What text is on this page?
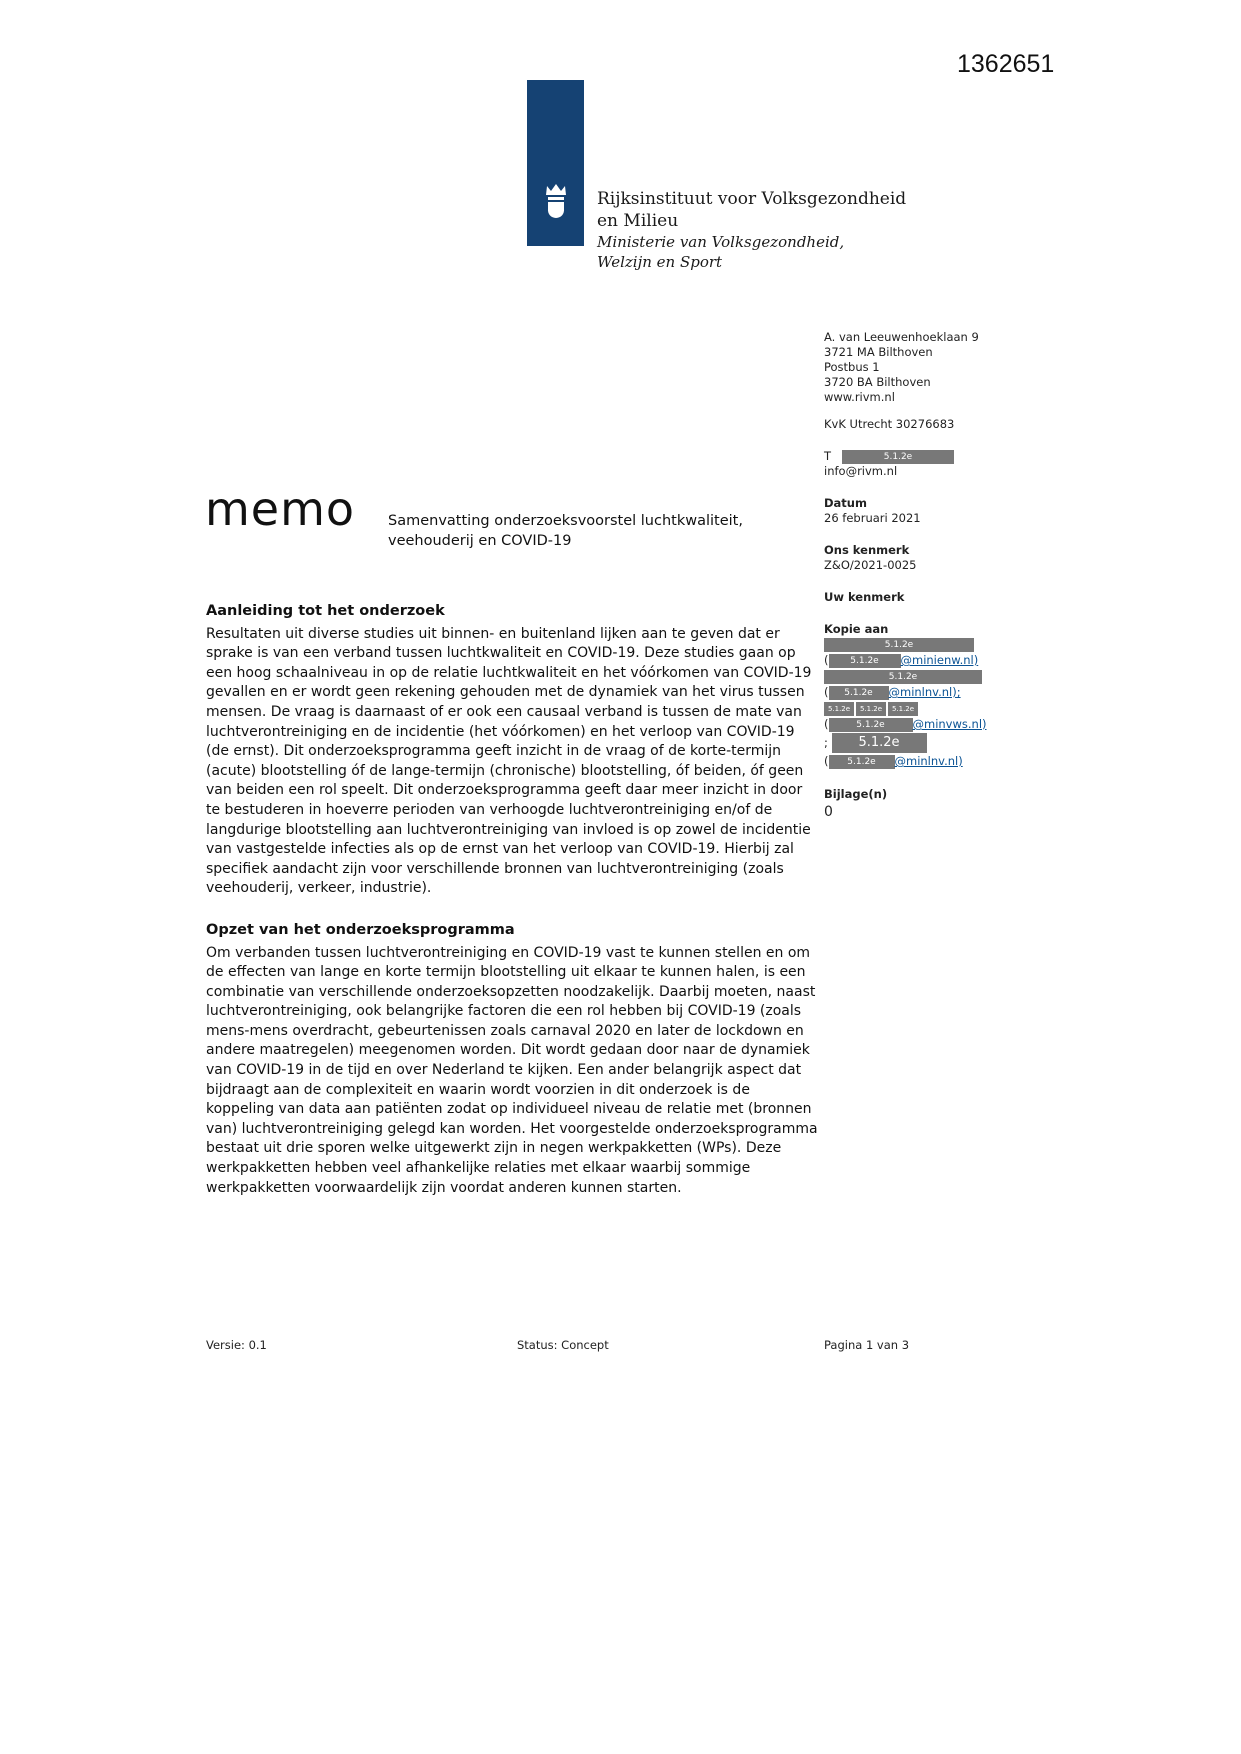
1362651
Rijksinstituut voor Volksgezondheid
en Milieu
Ministerie van Volksgezondheid,
Welzijn en Sport
A. van Leeuwenhoeklaan 9
3721 MA Bilthoven
Postbus 1
3720 BA Bilthoven
www.rivm.nl
KvK Utrecht 30276683
T	5.1.2e
info@rivm.nl
Datum
26 februari 2021
Ons kenmerk
Z&O/2021-0025
Uw kenmerk
Kopie aan
5.1.2e
( 5.1.2e @minienw.nl)
5.1.2e
( 5.1.2e @minlnv.nl);
5.1.2e 5.1.2e 5.1.2e
(	5.1.2e @minvws.nl)
; 5.1.2e
( 5.1.2e @minlnv.nl)
Bijlage(n)
0
memo Samenvatting onderzoeksvoorstel luchtkwaliteit,
veehouderij en COVID-19
Aanleiding tot het onderzoek

Resultaten uit diverse studies uit binnen- en buitenland lijken aan te geven dat er sprake is van een verband tussen luchtkwaliteit en COVID-19. Deze studies gaan op een hoog schaalniveau in op de relatie luchtkwaliteit en het vóórkomen van COVID-19 gevallen en er wordt geen rekening gehouden met de dynamiek van het virus tussen mensen. De vraag is daarnaast of er ook een causaal verband is tussen de mate van luchtverontreiniging en de incidentie (het vóórkomen) en het verloop van COVID-19 (de ernst). Dit onderzoeksprogramma geeft inzicht in de vraag of de korte-termijn (acute) blootstelling óf de lange-termijn (chronische) blootstelling, óf beiden, óf geen van beiden een rol speelt. Dit onderzoeksprogramma geeft daar meer inzicht in door te bestuderen in hoeverre perioden van verhoogde luchtverontreiniging en/of de langdurige blootstelling aan luchtverontreiniging van invloed is op zowel de incidentie van vastgestelde infecties als op de ernst van het verloop van COVID-19. Hierbij zal specifiek aandacht zijn voor verschillende bronnen van luchtverontreiniging (zoals veehouderij, verkeer, industrie).

Opzet van het onderzoeksprogramma

Om verbanden tussen luchtverontreiniging en COVID-19 vast te kunnen stellen en om de effecten van lange en korte termijn blootstelling uit elkaar te kunnen halen, is een combinatie van verschillende onderzoeksopzetten noodzakelijk. Daarbij moeten, naast luchtverontreiniging, ook belangrijke factoren die een rol hebben bij COVID-19 (zoals mens-mens overdracht, gebeurtenissen zoals carnaval 2020 en later de lockdown en andere maatregelen) meegenomen worden. Dit wordt gedaan door naar de dynamiek van COVID-19 in de tijd en over Nederland te kijken. Een ander belangrijk aspect dat bijdraagt aan de complexiteit en waarin wordt voorzien in dit onderzoek is de koppeling van data aan patiënten zodat op individueel niveau de relatie met (bronnen van) luchtverontreiniging gelegd kan worden. Het voorgestelde onderzoeksprogramma bestaat uit drie sporen welke uitgewerkt zijn in negen werkpakketten (WPs). Deze werkpakketten hebben veel afhankelijke relaties met elkaar waarbij sommige werkpakketten voorwaardelijk zijn voordat anderen kunnen starten.

Versie: 0.1	Status: Concept	Pagina 1 van 3
